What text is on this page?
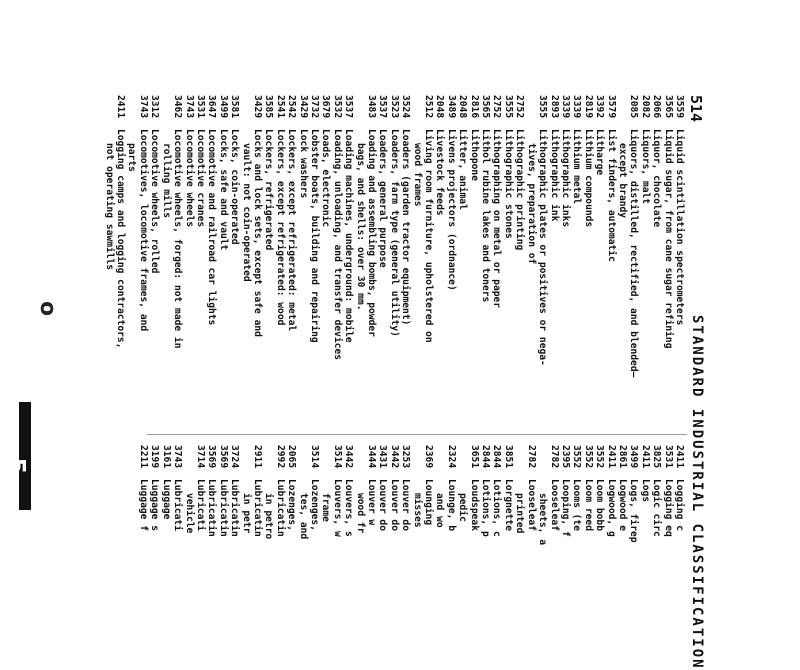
514
STANDARD INDUSTRIAL CLASSIFICATION
3559
Liquid scintillation spectrometers
3565
Liquid sugar, from cane sugar refining
2066
Liquor, chocolate
2082
Liquors, malt
2085
Liquors, distilled, rectified, and blended—
except brandy
3579
List finders, automatic
3392
Litharge
2819
Lithium compounds
3339
Lithium metal
3339
Lithographic inks
2893
Lithographic ink
3555
Lithographic plates or positives or nega-
tives, preparation of
2752
Lithographic printing
3555
Lithographic stones
2752
Lithographing on metal or paper
3565
Lithol rubine lakes and toners
2816
Lithopone
2048
Litter, animal
3489
Livens projectors (ordnance)
2048
Livestock feeds
2512
Living room furniture, upholstered on
wood frames
3524
Loaders (garden tractor equipment)
3523
Loaders, farm type (general utility)
3537
Loaders, general purpose
3483
Loading and assembling bombs, powder
bags, and shells: over 30 mm.
3537
Loading machines, underground: mobile
3532
Loading, unloading, and transfer devices
3679
Loads, electronic
3732
Lobster boats, building and repairing
3429
Lock washers
2542
Lockers, except refrigerated: metal
2541
Lockers, except refrigerated: wood
3585
Lockers, refrigerated
3429
Locks and lock sets, except safe and
vault: not coin-operated
3581
Locks, coin-operated
3499
Locks, safe and vault
3647
Locomotive and railroad car lights
3531
Locomotive cranes
3743
Locomotive wheels
3462
Locomotive wheels, forged: not made in
rolling mills
3312
Locomotive wheels, rolled
3743
Locomotives, locomotive frames, and
parts
2411
Logging camps and logging contractors,
not operating sawmills
2411
Logging c
3531
Logging eq
3825
Logic circ
2411
Logs
3499
Logs, firep
2861
Logwood e
2411
Logwood, g
3552
Loom bobb
3552
Loom reed
3552
Looms (te
2395
Looping, f
2782
Looseleaf
sheets, a
2782
Looseleaf
printed
3851
Lorgnette
2844
Lotions, c
2844
Lotions, p
3651
Loudspeak
pedic
2324
Lounge, b
and wo
2369
Lounging
misses
3253
Louver do
3442
Louver do
3431
Louver do
3444
Louver w
wood fr
3442
Louvers, s
3514
Louvers, w
frame
3514
Lozenges,
tes, and
2065
Lozenges,
2992
Lubricatin
in petro
2911
Lubricatin
in petr
3724
Lubricatin
3569
Lubricatin
3569
Lubricatin
3714
Lubricati
vehicle
3743
Lubricati
3161
Luggage
3199
Luggage s
2211
Luggage f
o
5
